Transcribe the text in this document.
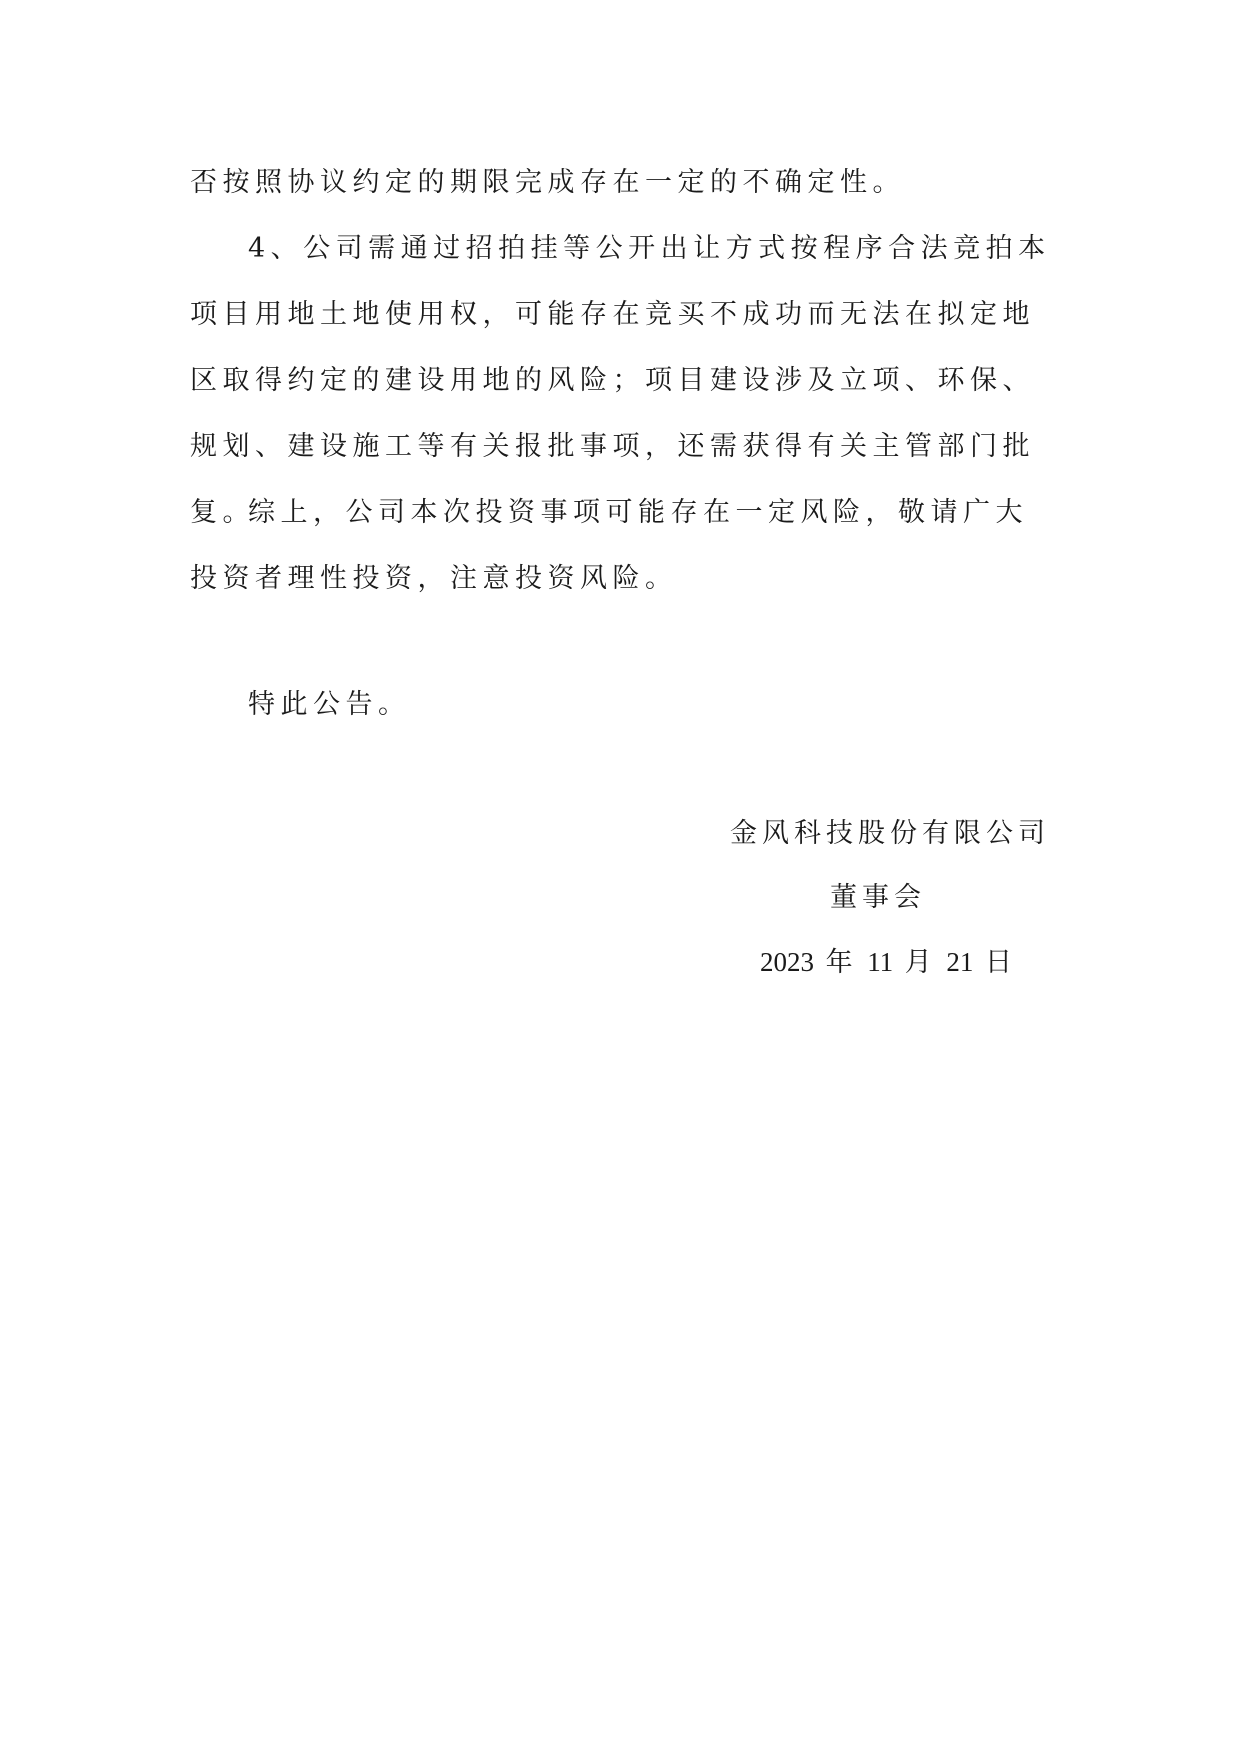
否按照协议约定的期限完成存在一定的不确定性。

4、公司需通过招拍挂等公开出让方式按程序合法竞拍本项目用地土地使用权，可能存在竞买不成功而无法在拟定地区取得约定的建设用地的风险；项目建设涉及立项、环保、规划、建设施工等有关报批事项，还需获得有关主管部门批复。

综上，公司本次投资事项可能存在一定风险，敬请广大投资者理性投资，注意投资风险。

特此公告。

金风科技股份有限公司
董事会
2023 年 11 月 21 日
